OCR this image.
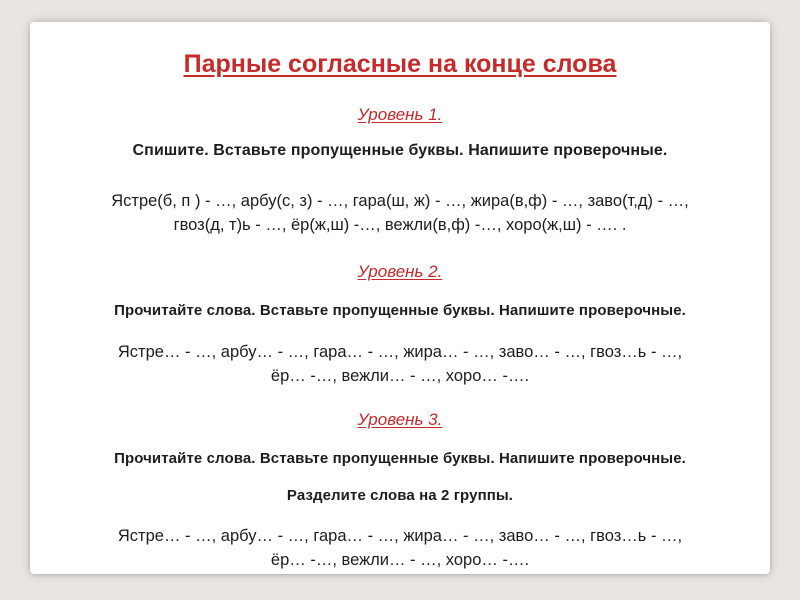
Парные согласные на конце слова
Уровень 1.
Спишите. Вставьте пропущенные буквы. Напишите проверочные.
Ястре(б, п ) - …, арбу(с, з) - …, гара(ш, ж) - …, жира(в,ф) - …, заво(т,д) - …,
гвоз(д, т)ь - …, ёр(ж,ш) -…, вежли(в,ф) -…, хоро(ж,ш) - …. .
Уровень 2.
Прочитайте слова. Вставьте пропущенные буквы. Напишите проверочные.
Ястре… - …, арбу… - …, гара… - …, жира… - …, заво… - …, гвоз…ь - …,
ёр… -…, вежли… - …, хоро… -….
Уровень 3.
Прочитайте слова. Вставьте пропущенные буквы. Напишите проверочные.
Разделите слова на 2 группы.
Ястре… - …, арбу… - …, гара… - …, жира… - …, заво… - …, гвоз…ь - …,
ёр… -…, вежли… - …, хоро… -….
